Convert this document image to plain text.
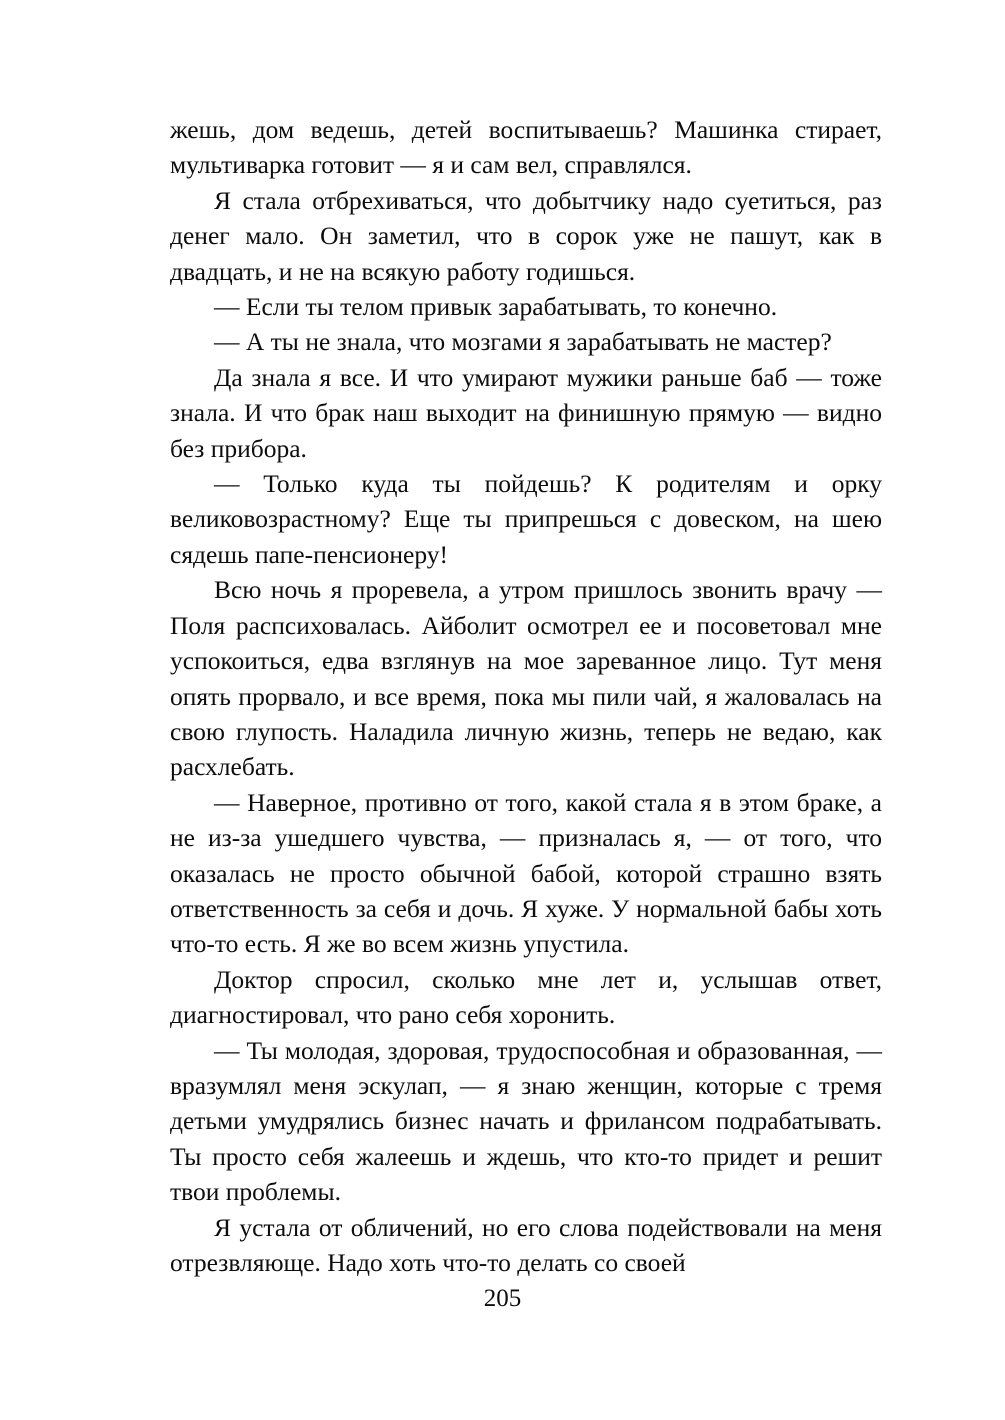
жешь, дом ведешь, детей воспитываешь? Машинка стирает, мультиварка готовит — я и сам вел, справлялся.

Я стала отбрехиваться, что добытчику надо суетиться, раз денег мало. Он заметил, что в сорок уже не пашут, как в двадцать, и не на всякую работу годишься.

— Если ты телом привык зарабатывать, то конечно.

— А ты не знала, что мозгами я зарабатывать не мастер?

Да знала я все. И что умирают мужики раньше баб — тоже знала. И что брак наш выходит на финишную прямую — видно без прибора.

— Только куда ты пойдешь? К родителям и орку великовозрастному? Еще ты припрешься с довеском, на шею сядешь папе-пенсионеру!

Всю ночь я проревела, а утром пришлось звонить врачу — Поля распсиховалась. Айболит осмотрел ее и посоветовал мне успокоиться, едва взглянув на мое зареванное лицо. Тут меня опять прорвало, и все время, пока мы пили чай, я жаловалась на свою глупость. Наладила личную жизнь, теперь не ведаю, как расхлебать.

— Наверное, противно от того, какой стала я в этом браке, а не из-за ушедшего чувства, — призналась я, — от того, что оказалась не просто обычной бабой, которой страшно взять ответственность за себя и дочь. Я хуже. У нормальной бабы хоть что-то есть. Я же во всем жизнь упустила.

Доктор спросил, сколько мне лет и, услышав ответ, диагностировал, что рано себя хоронить.

— Ты молодая, здоровая, трудоспособная и образованная, — вразумлял меня эскулап, — я знаю женщин, которые с тремя детьми умудрялись бизнес начать и фрилансом подрабатывать. Ты просто себя жалеешь и ждешь, что кто-то придет и решит твои проблемы.

Я устала от обличений, но его слова подействовали на меня отрезвляюще. Надо хоть что-то делать со своей

205
